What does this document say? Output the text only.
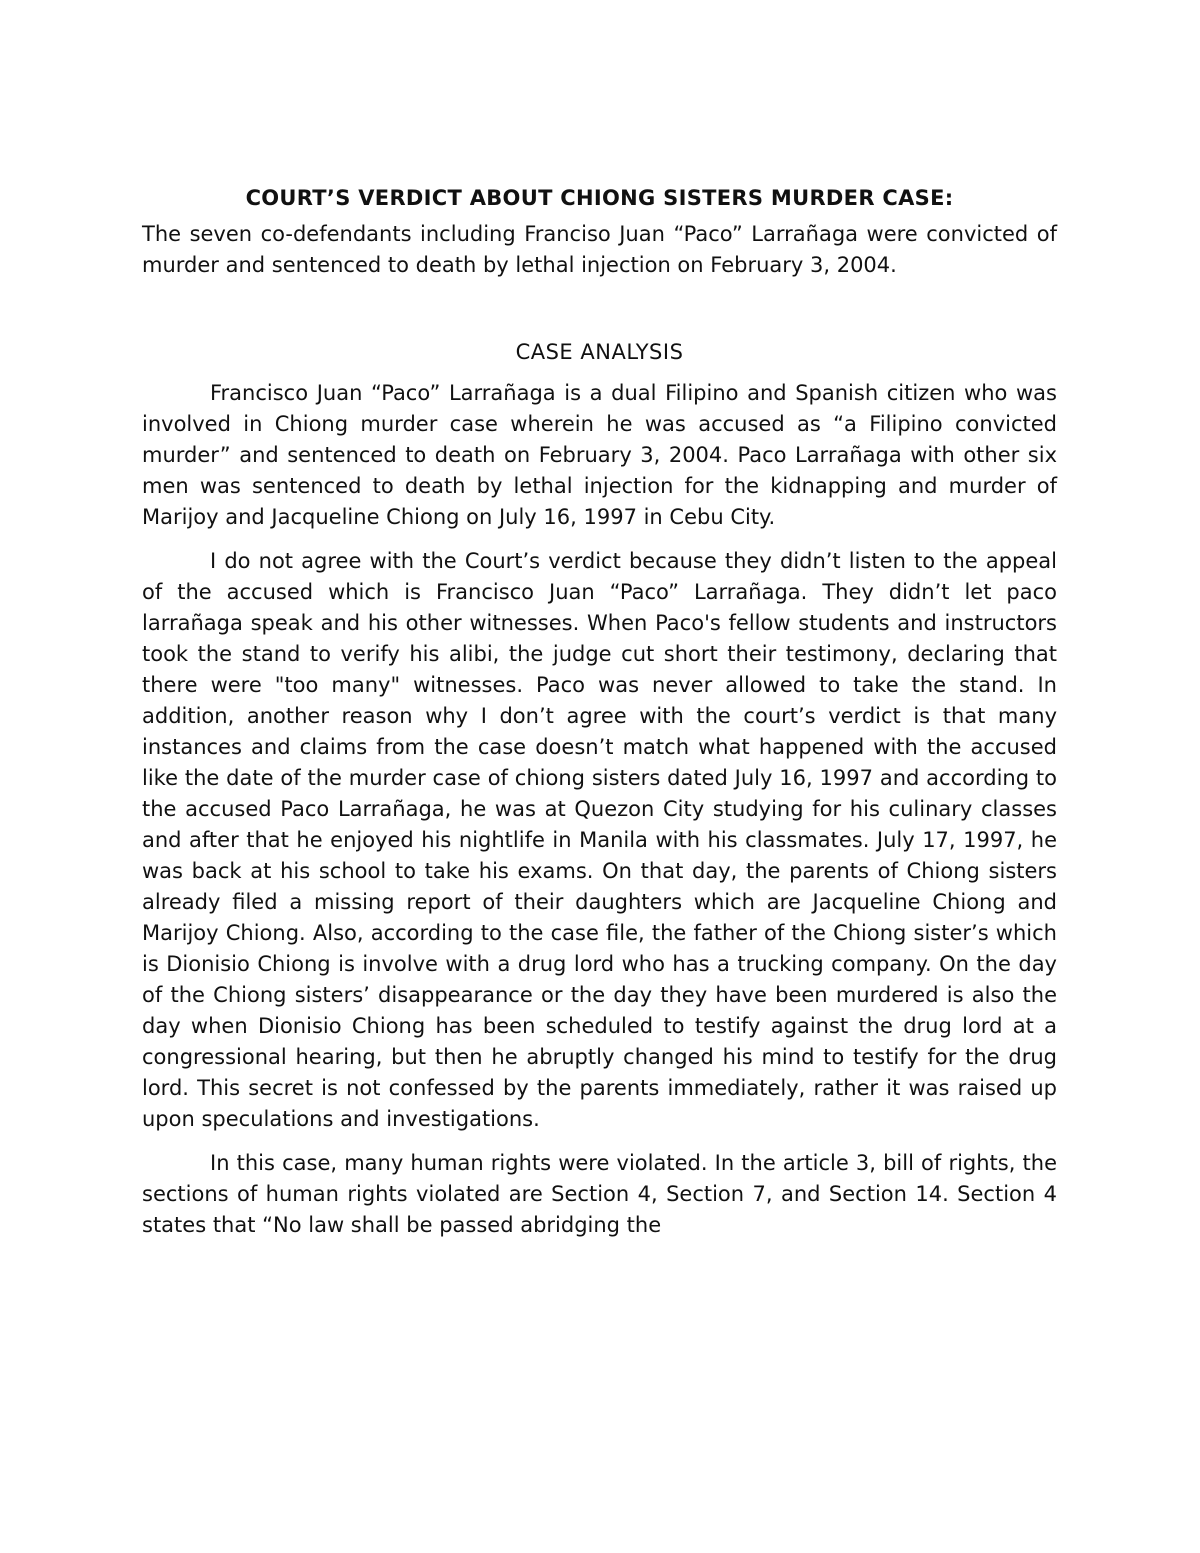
COURT’S VERDICT ABOUT CHIONG SISTERS MURDER CASE:
The seven co-defendants including Franciso Juan “Paco” Larrañaga were convicted of murder and sentenced to death by lethal injection on February 3, 2004.
CASE ANALYSIS
Francisco Juan “Paco” Larrañaga is a dual Filipino and Spanish citizen who was involved in Chiong murder case wherein he was accused as “a Filipino convicted murder” and sentenced to death on February 3, 2004. Paco Larrañaga with other six men was sentenced to death by lethal injection for the kidnapping and murder of Marijoy and Jacqueline Chiong on July 16, 1997 in Cebu City.
I do not agree with the Court’s verdict because they didn’t listen to the appeal of the accused which is Francisco Juan “Paco” Larrañaga. They didn’t let paco larrañaga speak and his other witnesses. When Paco's fellow students and instructors took the stand to verify his alibi, the judge cut short their testimony, declaring that there were "too many" witnesses. Paco was never allowed to take the stand. In addition, another reason why I don’t agree with the court’s verdict is that many instances and claims from the case doesn’t match what happened with the accused like the date of the murder case of chiong sisters dated July 16, 1997 and according to the accused Paco Larrañaga, he was at Quezon City studying for his culinary classes and after that he enjoyed his nightlife in Manila with his classmates. July 17, 1997, he was back at his school to take his exams. On that day, the parents of Chiong sisters already filed a missing report of their daughters which are Jacqueline Chiong and Marijoy Chiong. Also, according to the case file, the father of the Chiong sister’s which is Dionisio Chiong is involve with a drug lord who has a trucking company. On the day of the Chiong sisters’ disappearance or the day they have been murdered is also the day when Dionisio Chiong has been scheduled to testify against the drug lord at a congressional hearing, but then he abruptly changed his mind to testify for the drug lord. This secret is not confessed by the parents immediately, rather it was raised up upon speculations and investigations.
In this case, many human rights were violated. In the article 3, bill of rights, the sections of human rights violated are Section 4, Section 7, and Section 14. Section 4 states that “No law shall be passed abridging the
